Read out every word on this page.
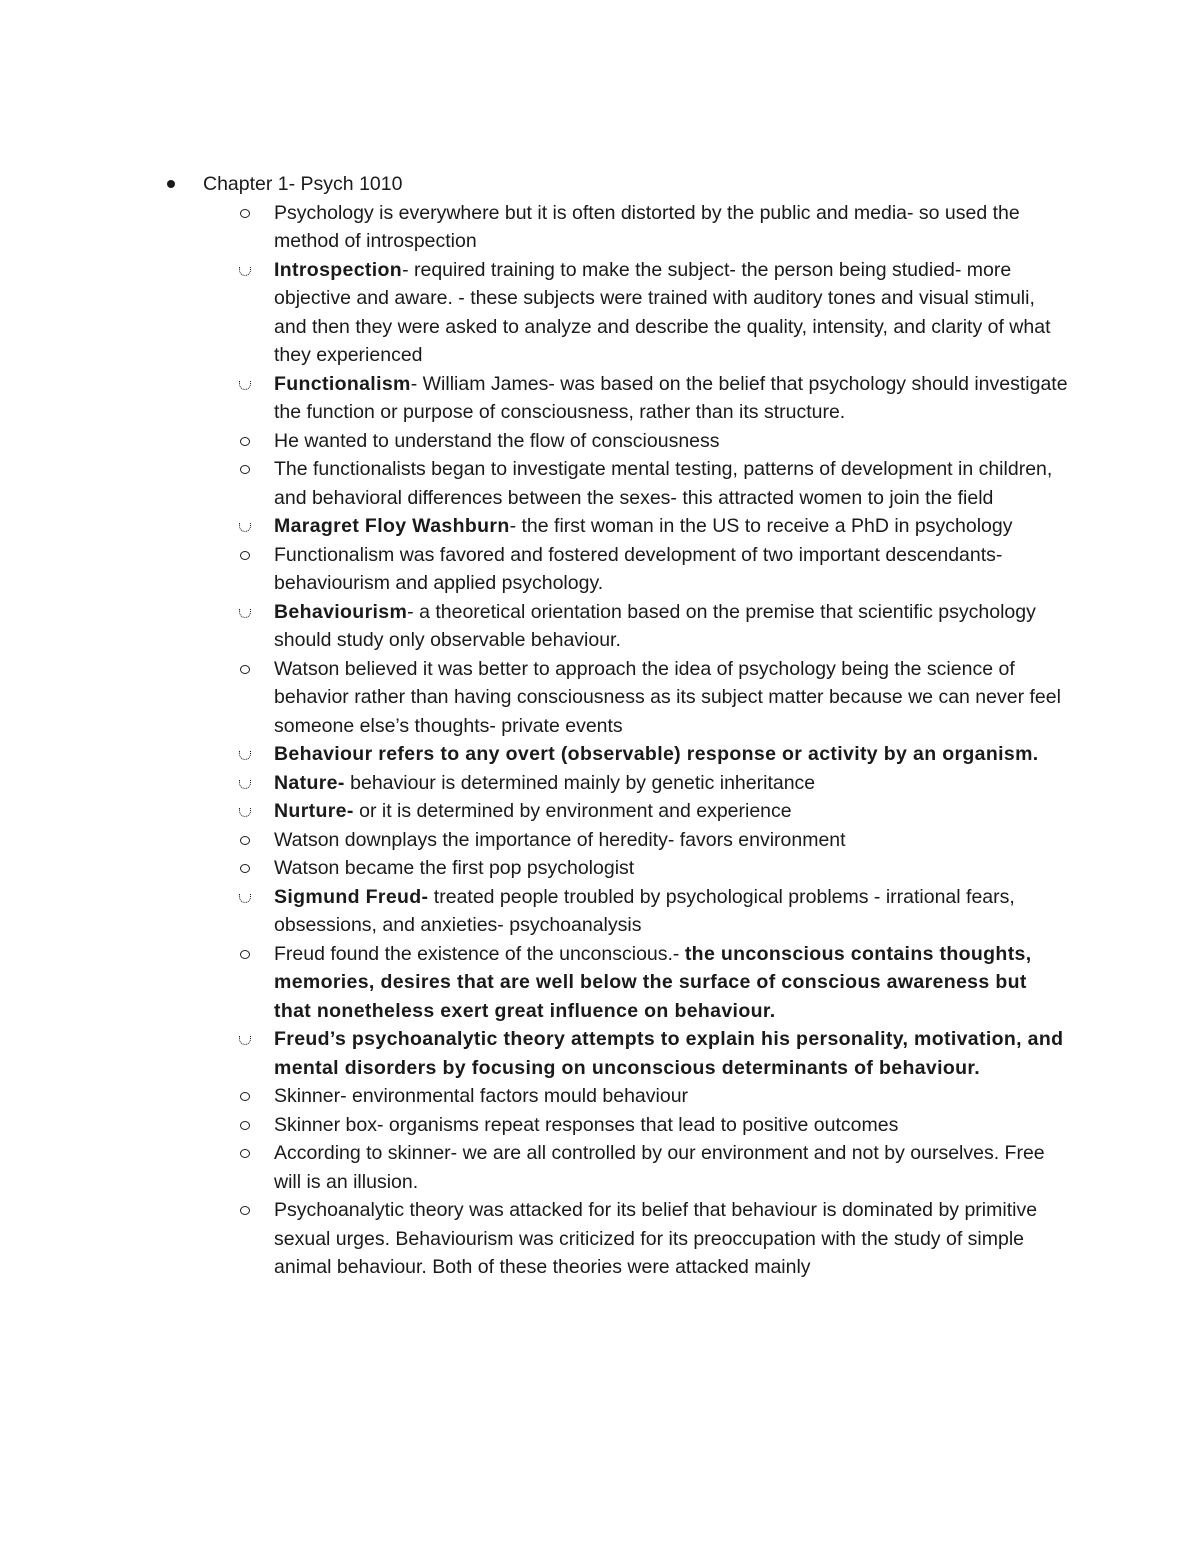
Chapter 1- Psych 1010
Psychology is everywhere but it is often distorted by the public and media- so used the method of introspection
Introspection- required training to make the subject- the person being studied- more objective and aware. - these subjects were trained with auditory tones and visual stimuli, and then they were asked to analyze and describe the quality, intensity, and clarity of what they experienced
Functionalism- William James- was based on the belief that psychology should investigate the function or purpose of consciousness, rather than its structure.
He wanted to understand the flow of consciousness
The functionalists began to investigate mental testing, patterns of development in children, and behavioral differences between the sexes- this attracted women to join the field
Maragret Floy Washburn- the first woman in the US to receive a PhD in psychology
Functionalism was favored and fostered development of two important descendants- behaviourism and applied psychology.
Behaviourism- a theoretical orientation based on the premise that scientific psychology should study only observable behaviour.
Watson believed it was better to approach the idea of psychology being the science of behavior rather than having consciousness as its subject matter because we can never feel someone else’s thoughts- private events
Behaviour refers to any overt (observable) response or activity by an organism.
Nature- behaviour is determined mainly by genetic inheritance
Nurture- or it is determined by environment and experience
Watson downplays the importance of heredity- favors environment
Watson became the first pop psychologist
Sigmund Freud- treated people troubled by psychological problems - irrational fears, obsessions, and anxieties- psychoanalysis
Freud found the existence of the unconscious.- the unconscious contains thoughts, memories, desires that are well below the surface of conscious awareness but that nonetheless exert great influence on behaviour.
Freud’s psychoanalytic theory attempts to explain his personality, motivation, and mental disorders by focusing on unconscious determinants of behaviour.
Skinner- environmental factors mould behaviour
Skinner box- organisms repeat responses that lead to positive outcomes
According to skinner- we are all controlled by our environment and not by ourselves. Free will is an illusion.
Psychoanalytic theory was attacked for its belief that behaviour is dominated by primitive sexual urges. Behaviourism was criticized for its preoccupation with the study of simple animal behaviour. Both of these theories were attacked mainly
